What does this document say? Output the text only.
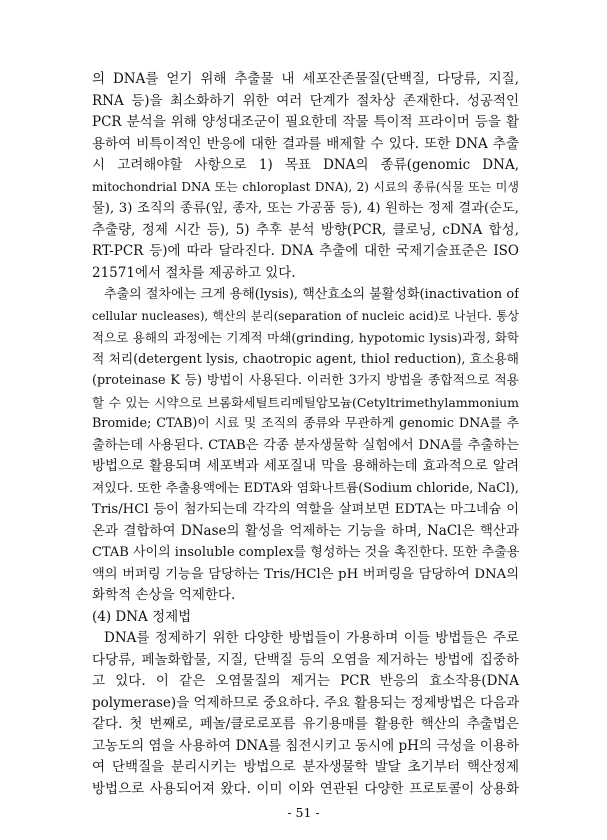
의 DNA를 얻기 위해 추출물 내 세포잔존물질(단백질, 다당류, 지질,
RNA 등)을 최소화하기 위한 여러 단계가 절차상 존재한다. 성공적인
PCR 분석을 위해 양성대조군이 필요한데 작물 특이적 프라이머 등을 활
용하여 비특이적인 반응에 대한 결과를 배제할 수 있다. 또한 DNA 추출
시 고려해야할 사항으로 1) 목표 DNA의 종류(genomic DNA,
mitochondrial DNA 또는 chloroplast DNA), 2) 시료의 종류(식물 또는 미생
물), 3) 조직의 종류(잎, 종자, 또는 가공품 등), 4) 원하는 정제 결과(순도,
추출량, 정제 시간 등), 5) 추후 분석 방향(PCR, 클로닝, cDNA 합성,
RT-PCR 등)에 따라 달라진다. DNA 추출에 대한 국제기술표준은 ISO
21571에서 절차를 제공하고 있다.
추출의 절차에는 크게 용해(lysis), 핵산효소의 불활성화(inactivation of
cellular nucleases), 핵산의 분리(separation of nucleic acid)로 나뉜다. 통상
적으로 용해의 과정에는 기계적 마쇄(grinding, hypotomic lysis)과정, 화학
적 처리(detergent lysis, chaotropic agent, thiol reduction), 효소용해
(proteinase K 등) 방법이 사용된다. 이러한 3가지 방법을 종합적으로 적용
할 수 있는 시약으로 브롬화세틸트리메틸암모늄(Cetyltrimethylammonium
Bromide; CTAB)이 시료 및 조직의 종류와 무관하게 genomic DNA를 추
출하는데 사용된다. CTAB은 각종 분자생물학 실험에서 DNA를 추출하는
방법으로 활용되며 세포벽과 세포질내 막을 용해하는데 효과적으로 알려
져있다. 또한 추출용액에는 EDTA와 염화나트륨(Sodium chloride, NaCl),
Tris/HCl 등이 첨가되는데 각각의 역할을 살펴보면 EDTA는 마그네슘 이
온과 결합하여 DNase의 활성을 억제하는 기능을 하며, NaCl은 핵산과
CTAB 사이의 insoluble complex를 형성하는 것을 촉진한다. 또한 추출용
액의 버퍼링 기능을 담당하는 Tris/HCl은 pH 버퍼링을 담당하여 DNA의
화학적 손상을 억제한다.
(4) DNA 정제법
DNA를 정제하기 위한 다양한 방법들이 가용하며 이들 방법들은 주로
다당류, 페놀화합물, 지질, 단백질 등의 오염을 제거하는 방법에 집중하
고 있다. 이 같은 오염물질의 제거는 PCR 반응의 효소작용(DNA
polymerase)을 억제하므로 중요하다. 주요 활용되는 정제방법은 다음과
같다. 첫 번째로, 페놀/클로로포름 유기용매를 활용한 핵산의 추출법은
고농도의 염을 사용하여 DNA를 침전시키고 동시에 pH의 극성을 이용하
여 단백질을 분리시키는 방법으로 분자생물학 발달 초기부터 핵산정제
방법으로 사용되어져 왔다. 이미 이와 연관된 다양한 프로토콜이 상용화
- 51 -
